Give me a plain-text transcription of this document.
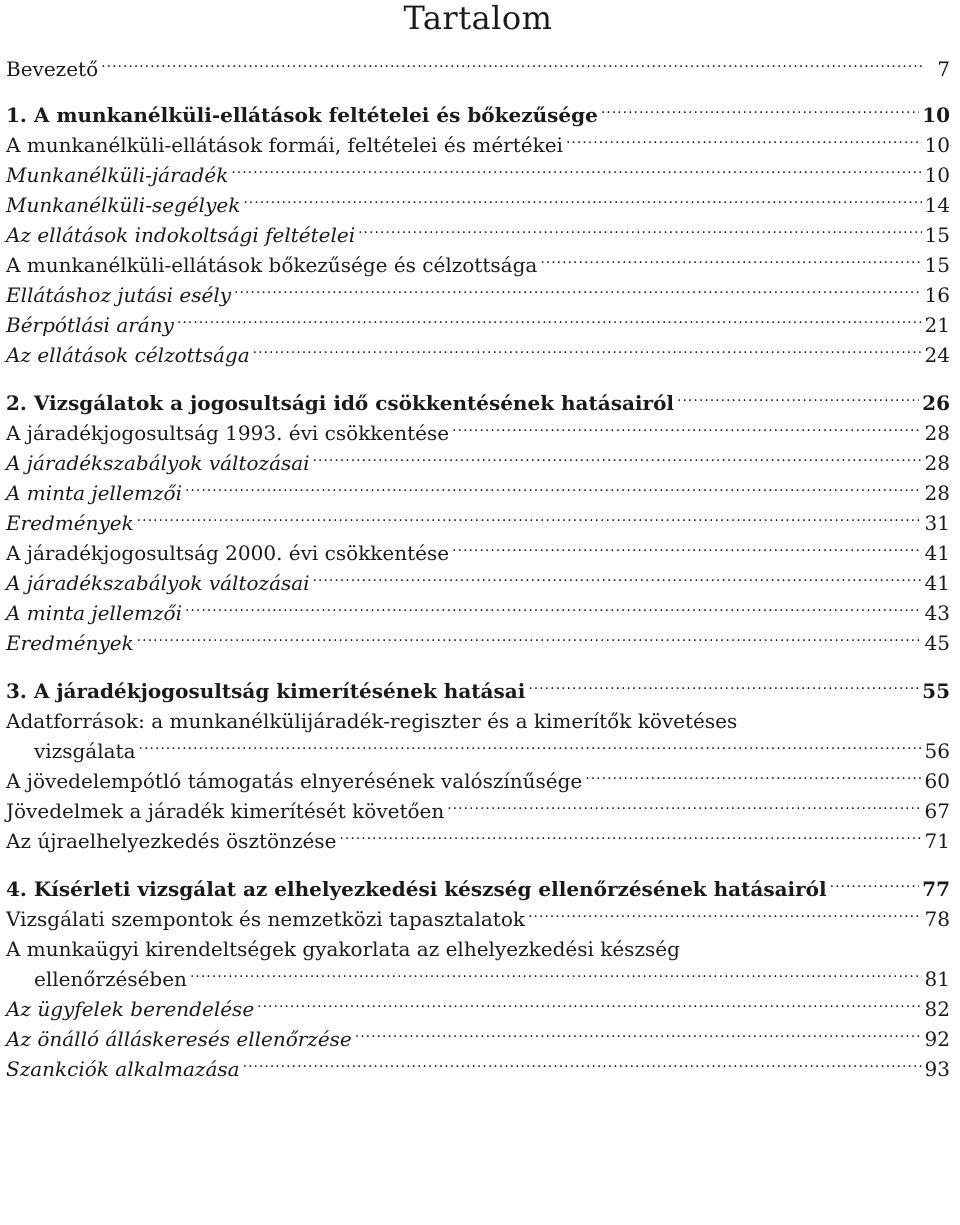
Tartalom
Bevezető .....	7
1. A munkanélküli-ellátások feltételei és bőkezűsége .....	10
A munkanélküli-ellátások formái, feltételei és mértékei .....	10
Munkanélküli-járadék .....	10
Munkanélküli-segélyek .....	14
Az ellátások indokoltsági feltételei .....	15
A munkanélküli-ellátások bőkezűsége és célzottsága .....	15
Ellátáshoz jutási esély .....	16
Bérpótlási arány .....	21
Az ellátások célzottsága .....	24
2. Vizsgálatok a jogosultsági idő csökkentésének hatásairól .....	26
A járadékjogosultság 1993. évi csökkentése .....	28
A járadékszabályok változásai .....	28
A minta jellemzői .....	28
Eredmények .....	31
A járadékjogosultság 2000. évi csökkentése .....	41
A járadékszabályok változásai .....	41
A minta jellemzői .....	43
Eredmények .....	45
3. A járadékjogosultság kimerítésének hatásai .....	55
Adatforrások: a munkanélkülijáradék-regiszter és a kimerítők követéses
vizsgálata .....	56
A jövedelempótló támogatás elnyerésének valószínűsége .....	60
Jövedelmek a járadék kimerítését követően .....	67
Az újraelhelyezkedés ösztönzése .....	71
4. Kísérleti vizsgálat az elhelyezkedési készség ellenőrzésének hatásairól .....	77
Vizsgálati szempontok és nemzetközi tapasztalatok .....	78
A munkaügyi kirendeltségek gyakorlata az elhelyezkedési készség
ellenőrzésében .....	81
Az ügyfelek berendelése .....	82
Az önálló álláskeresés ellenőrzése .....	92
Szankciók alkalmazása .....	93
